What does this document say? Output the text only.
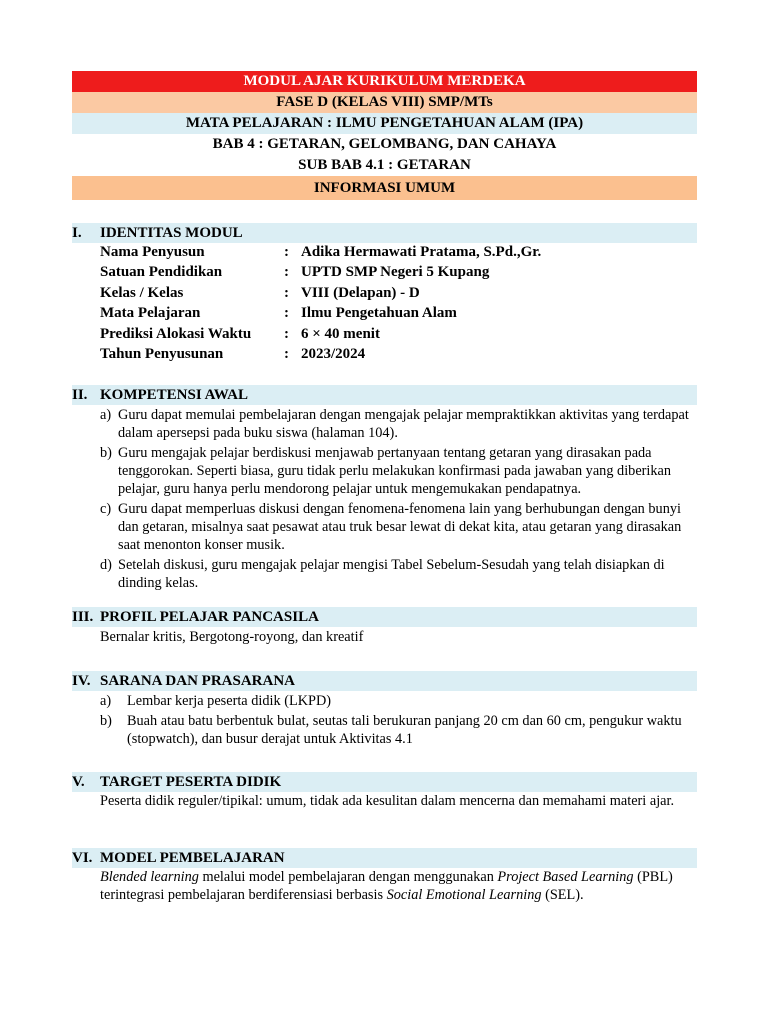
MODUL AJAR KURIKULUM MERDEKA
FASE D (KELAS VIII) SMP/MTs
MATA PELAJARAN : ILMU PENGETAHUAN ALAM (IPA)
BAB 4 : GETARAN, GELOMBANG, DAN CAHAYA
SUB BAB 4.1 : GETARAN
INFORMASI UMUM
I. IDENTITAS MODUL
Nama Penyusun	: Adika Hermawati Pratama, S.Pd.,Gr.
Satuan Pendidikan	: UPTD SMP Negeri 5 Kupang
Kelas / Kelas	: VIII (Delapan) - D
Mata Pelajaran	: Ilmu Pengetahuan Alam
Prediksi Alokasi Waktu : 6 × 40 menit
Tahun Penyusunan	: 2023/2024
II. KOMPETENSI AWAL
a) Guru dapat memulai pembelajaran dengan mengajak pelajar mempraktikkan aktivitas yang terdapat dalam apersepsi pada buku siswa (halaman 104).
b) Guru mengajak pelajar berdiskusi menjawab pertanyaan tentang getaran yang dirasakan pada tenggorokan. Seperti biasa, guru tidak perlu melakukan konfirmasi pada jawaban yang diberikan pelajar, guru hanya perlu mendorong pelajar untuk mengemukakan pendapatnya.
c) Guru dapat memperluas diskusi dengan fenomena-fenomena lain yang berhubungan dengan bunyi dan getaran, misalnya saat pesawat atau truk besar lewat di dekat kita, atau getaran yang dirasakan saat menonton konser musik.
d) Setelah diskusi, guru mengajak pelajar mengisi Tabel Sebelum-Sesudah yang telah disiapkan di dinding kelas.
III. PROFIL PELAJAR PANCASILA
Bernalar kritis, Bergotong-royong, dan kreatif
IV. SARANA DAN PRASARANA
a) Lembar kerja peserta didik (LKPD)
b) Buah atau batu berbentuk bulat, seutas tali berukuran panjang 20 cm dan 60 cm, pengukur waktu (stopwatch), dan busur derajat untuk Aktivitas 4.1
V. TARGET PESERTA DIDIK
Peserta didik reguler/tipikal: umum, tidak ada kesulitan dalam mencerna dan memahami materi ajar.
VI. MODEL PEMBELAJARAN
Blended learning melalui model pembelajaran dengan menggunakan Project Based Learning (PBL) terintegrasi pembelajaran berdiferensiasi berbasis Social Emotional Learning (SEL).
